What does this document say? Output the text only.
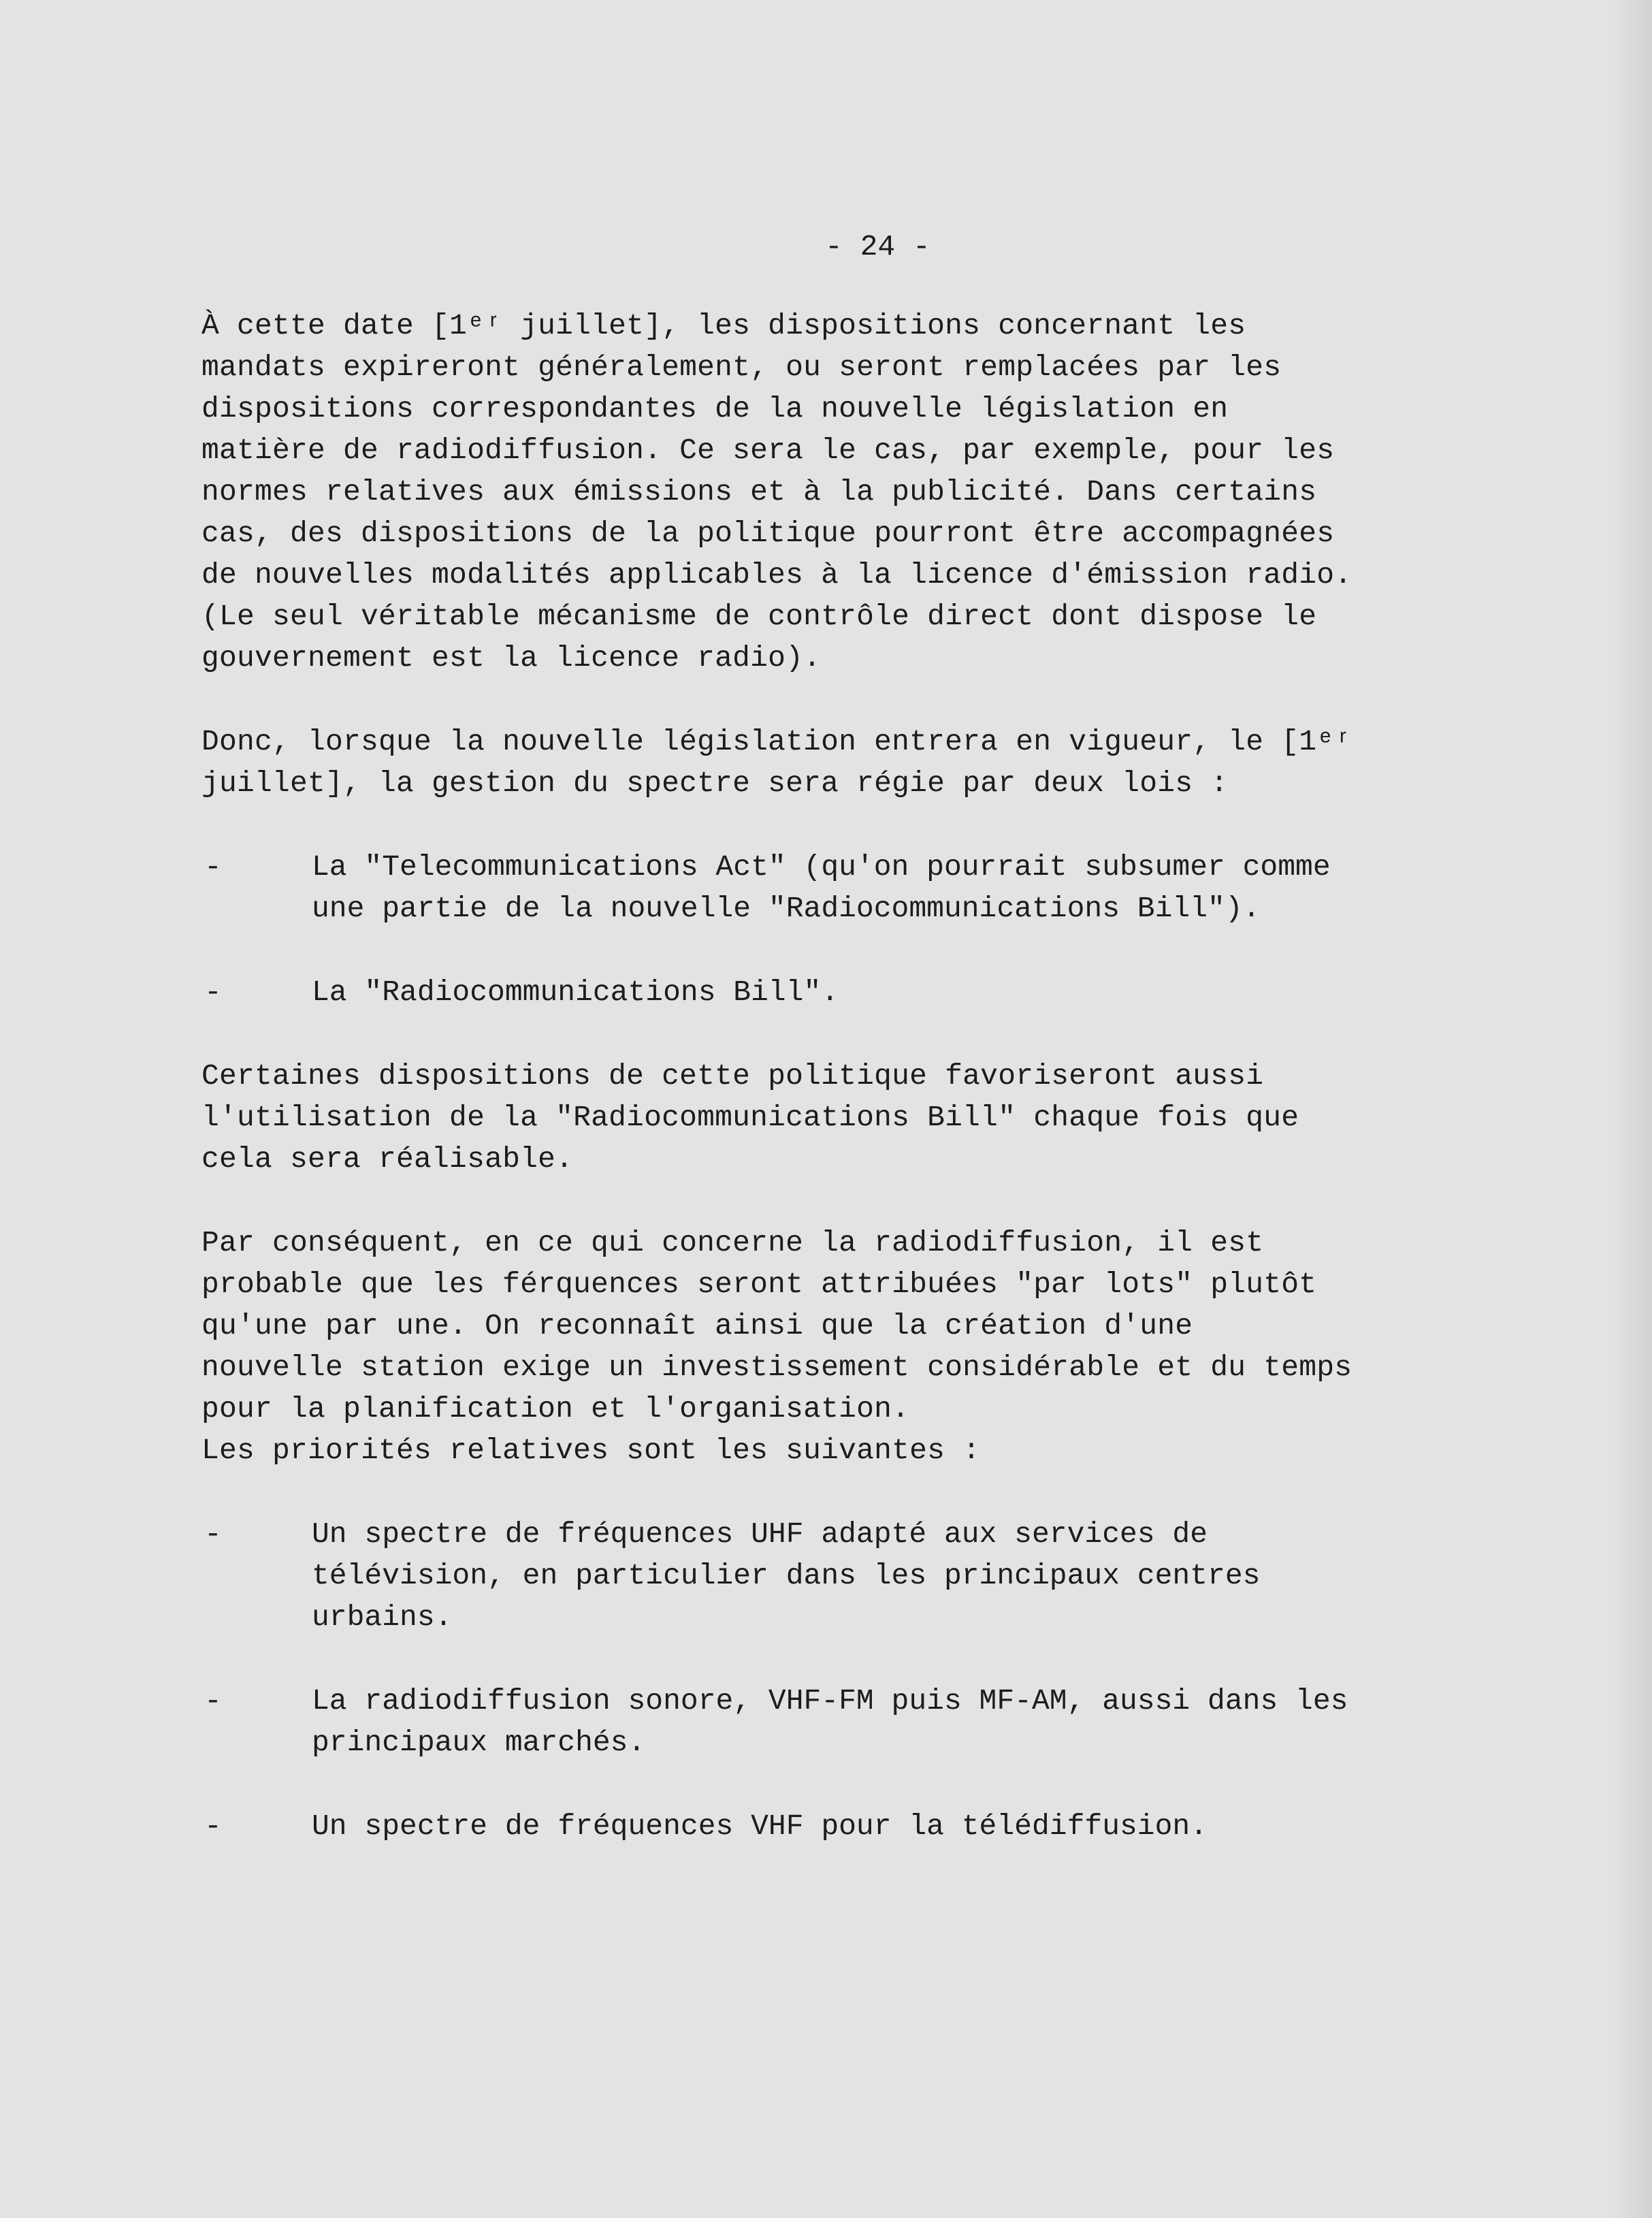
- 24 -

À cette date [1ᵉʳ juillet], les dispositions concernant les
mandats expireront généralement, ou seront remplacées par les
dispositions correspondantes de la nouvelle législation en
matière de radiodiffusion. Ce sera le cas, par exemple, pour les
normes relatives aux émissions et à la publicité. Dans certains
cas, des dispositions de la politique pourront être accompagnées
de nouvelles modalités applicables à la licence d'émission radio.
(Le seul véritable mécanisme de contrôle direct dont dispose le
gouvernement est la licence radio).

Donc, lorsque la nouvelle législation entrera en vigueur, le [1ᵉʳ
juillet], la gestion du spectre sera régie par deux lois :

-	La "Telecommunications Act" (qu'on pourrait subsumer comme
une partie de la nouvelle "Radiocommunications Bill").
-	La "Radiocommunications Bill".

Certaines dispositions de cette politique favoriseront aussi
l'utilisation de la "Radiocommunications Bill" chaque fois que
cela sera réalisable.

Par conséquent, en ce qui concerne la radiodiffusion, il est
probable que les férquences seront attribuées "par lots" plutôt
qu'une par une. On reconnaît ainsi que la création d'une
nouvelle station exige un investissement considérable et du temps
pour la planification et l'organisation.

Les priorités relatives sont les suivantes :

-	Un spectre de fréquences UHF adapté aux services de
télévision, en particulier dans les principaux centres
urbains.
-	La radiodiffusion sonore, VHF-FM puis MF-AM, aussi dans les
principaux marchés.
-	Un spectre de fréquences VHF pour la télédiffusion.
